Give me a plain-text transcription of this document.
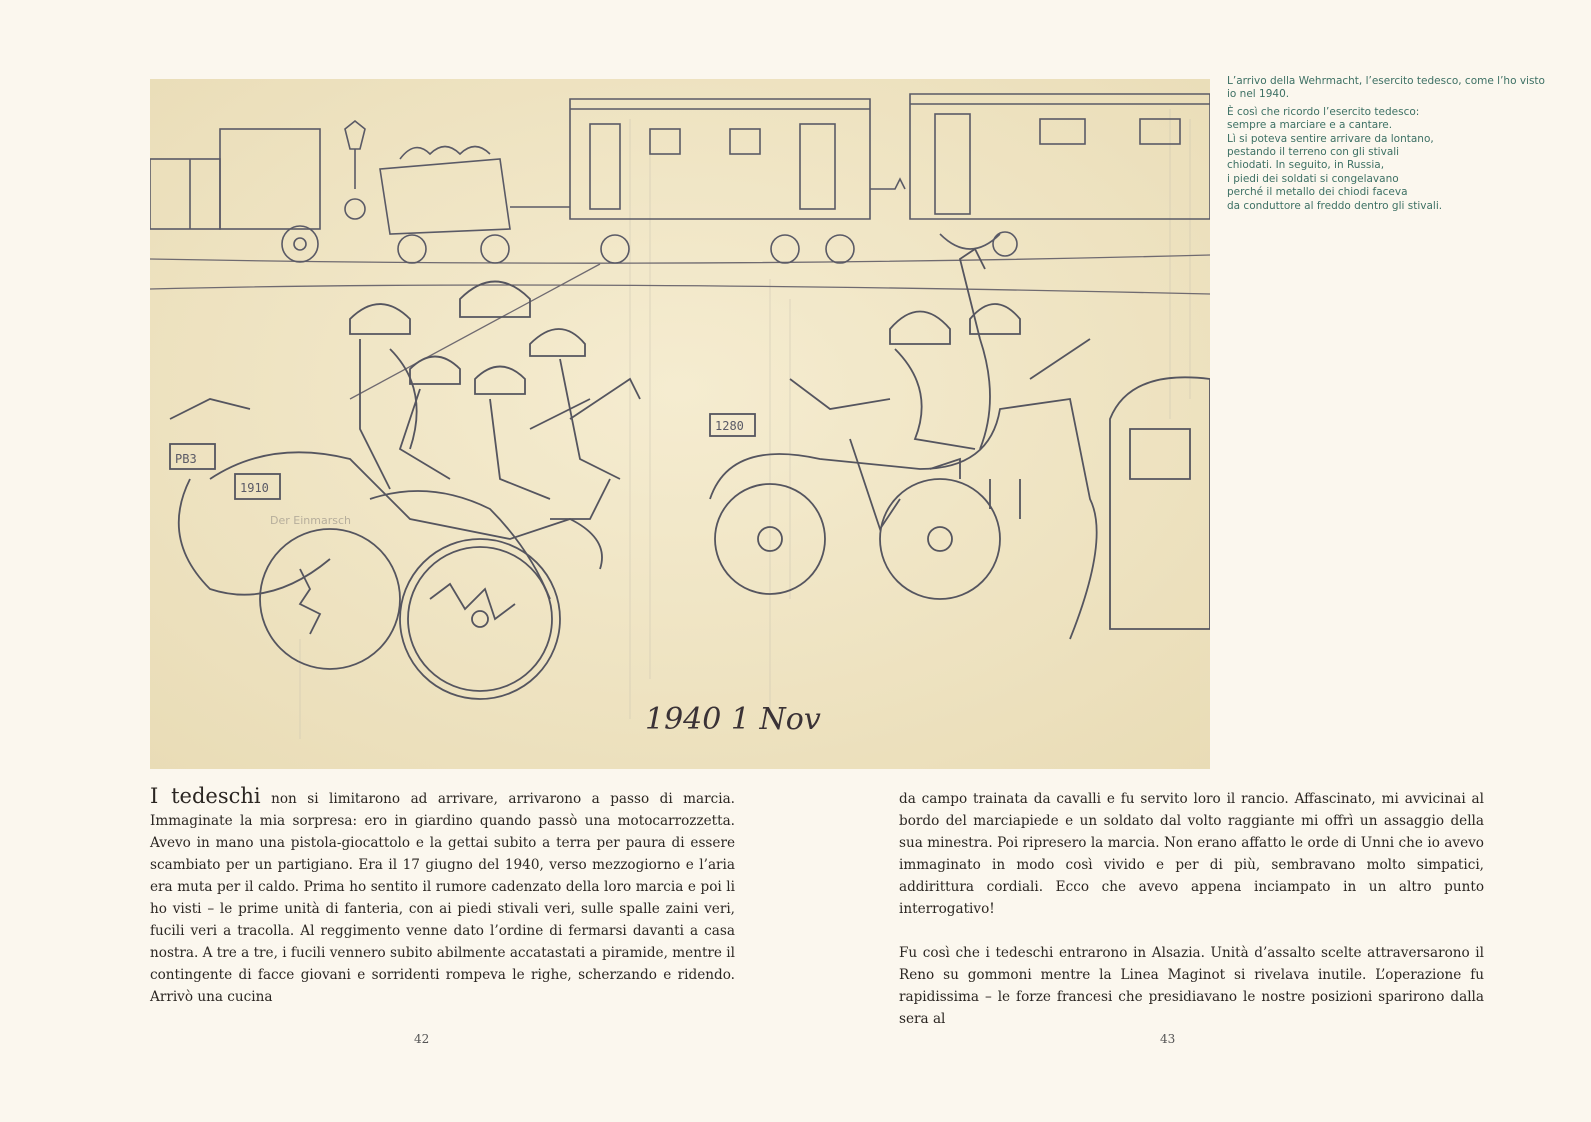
PB3
1910
1280
Der Einmarsch
1940 1 Nov

L’arrivo della Wehrmacht, l’esercito tedesco, come l’ho visto io nel 1940.

È così che ricordo l’esercito tedesco:
sempre a marciare e a cantare.
Lì si poteva sentire arrivare da lontano,
pestando il terreno con gli stivali
chiodati. In seguito, in Russia,
i piedi dei soldati si congelavano
perché il metallo dei chiodi faceva
da conduttore al freddo dentro gli stivali.

I tedeschi non si limitarono ad arrivare, arrivarono a passo di marcia. Immaginate la mia sorpresa: ero in giardino quando passò una motocarrozzetta. Avevo in mano una pistola-giocattolo e la gettai subito a terra per paura di essere scambiato per un partigiano. Era il 17 giugno del 1940, verso mezzogiorno e l’aria era muta per il caldo. Prima ho sentito il rumore cadenzato della loro marcia e poi li ho visti – le prime unità di fanteria, con ai piedi stivali veri, sulle spalle zaini veri, fucili veri a tracolla. Al reggimento venne dato l’ordine di fermarsi davanti a casa nostra. A tre a tre, i fucili vennero subito abilmente accatastati a piramide, mentre il contingente di facce giovani e sorridenti rompeva le righe, scherzando e ridendo. Arrivò una cucina

da campo trainata da cavalli e fu servito loro il rancio. Affascinato, mi avvicinai al bordo del marciapiede e un soldato dal volto raggiante mi offrì un assaggio della sua minestra. Poi ripresero la marcia. Non erano affatto le orde di Unni che io avevo immaginato in modo così vivido e per di più, sembravano molto simpatici, addirittura cordiali. Ecco che avevo appena inciampato in un altro punto interrogativo!

Fu così che i tedeschi entrarono in Alsazia. Unità d’assalto scelte attraversarono il Reno su gommoni mentre la Linea Maginot si rivelava inutile. L’operazione fu rapidissima – le forze francesi che presidiavano le nostre posizioni sparirono dalla sera al

42	43
